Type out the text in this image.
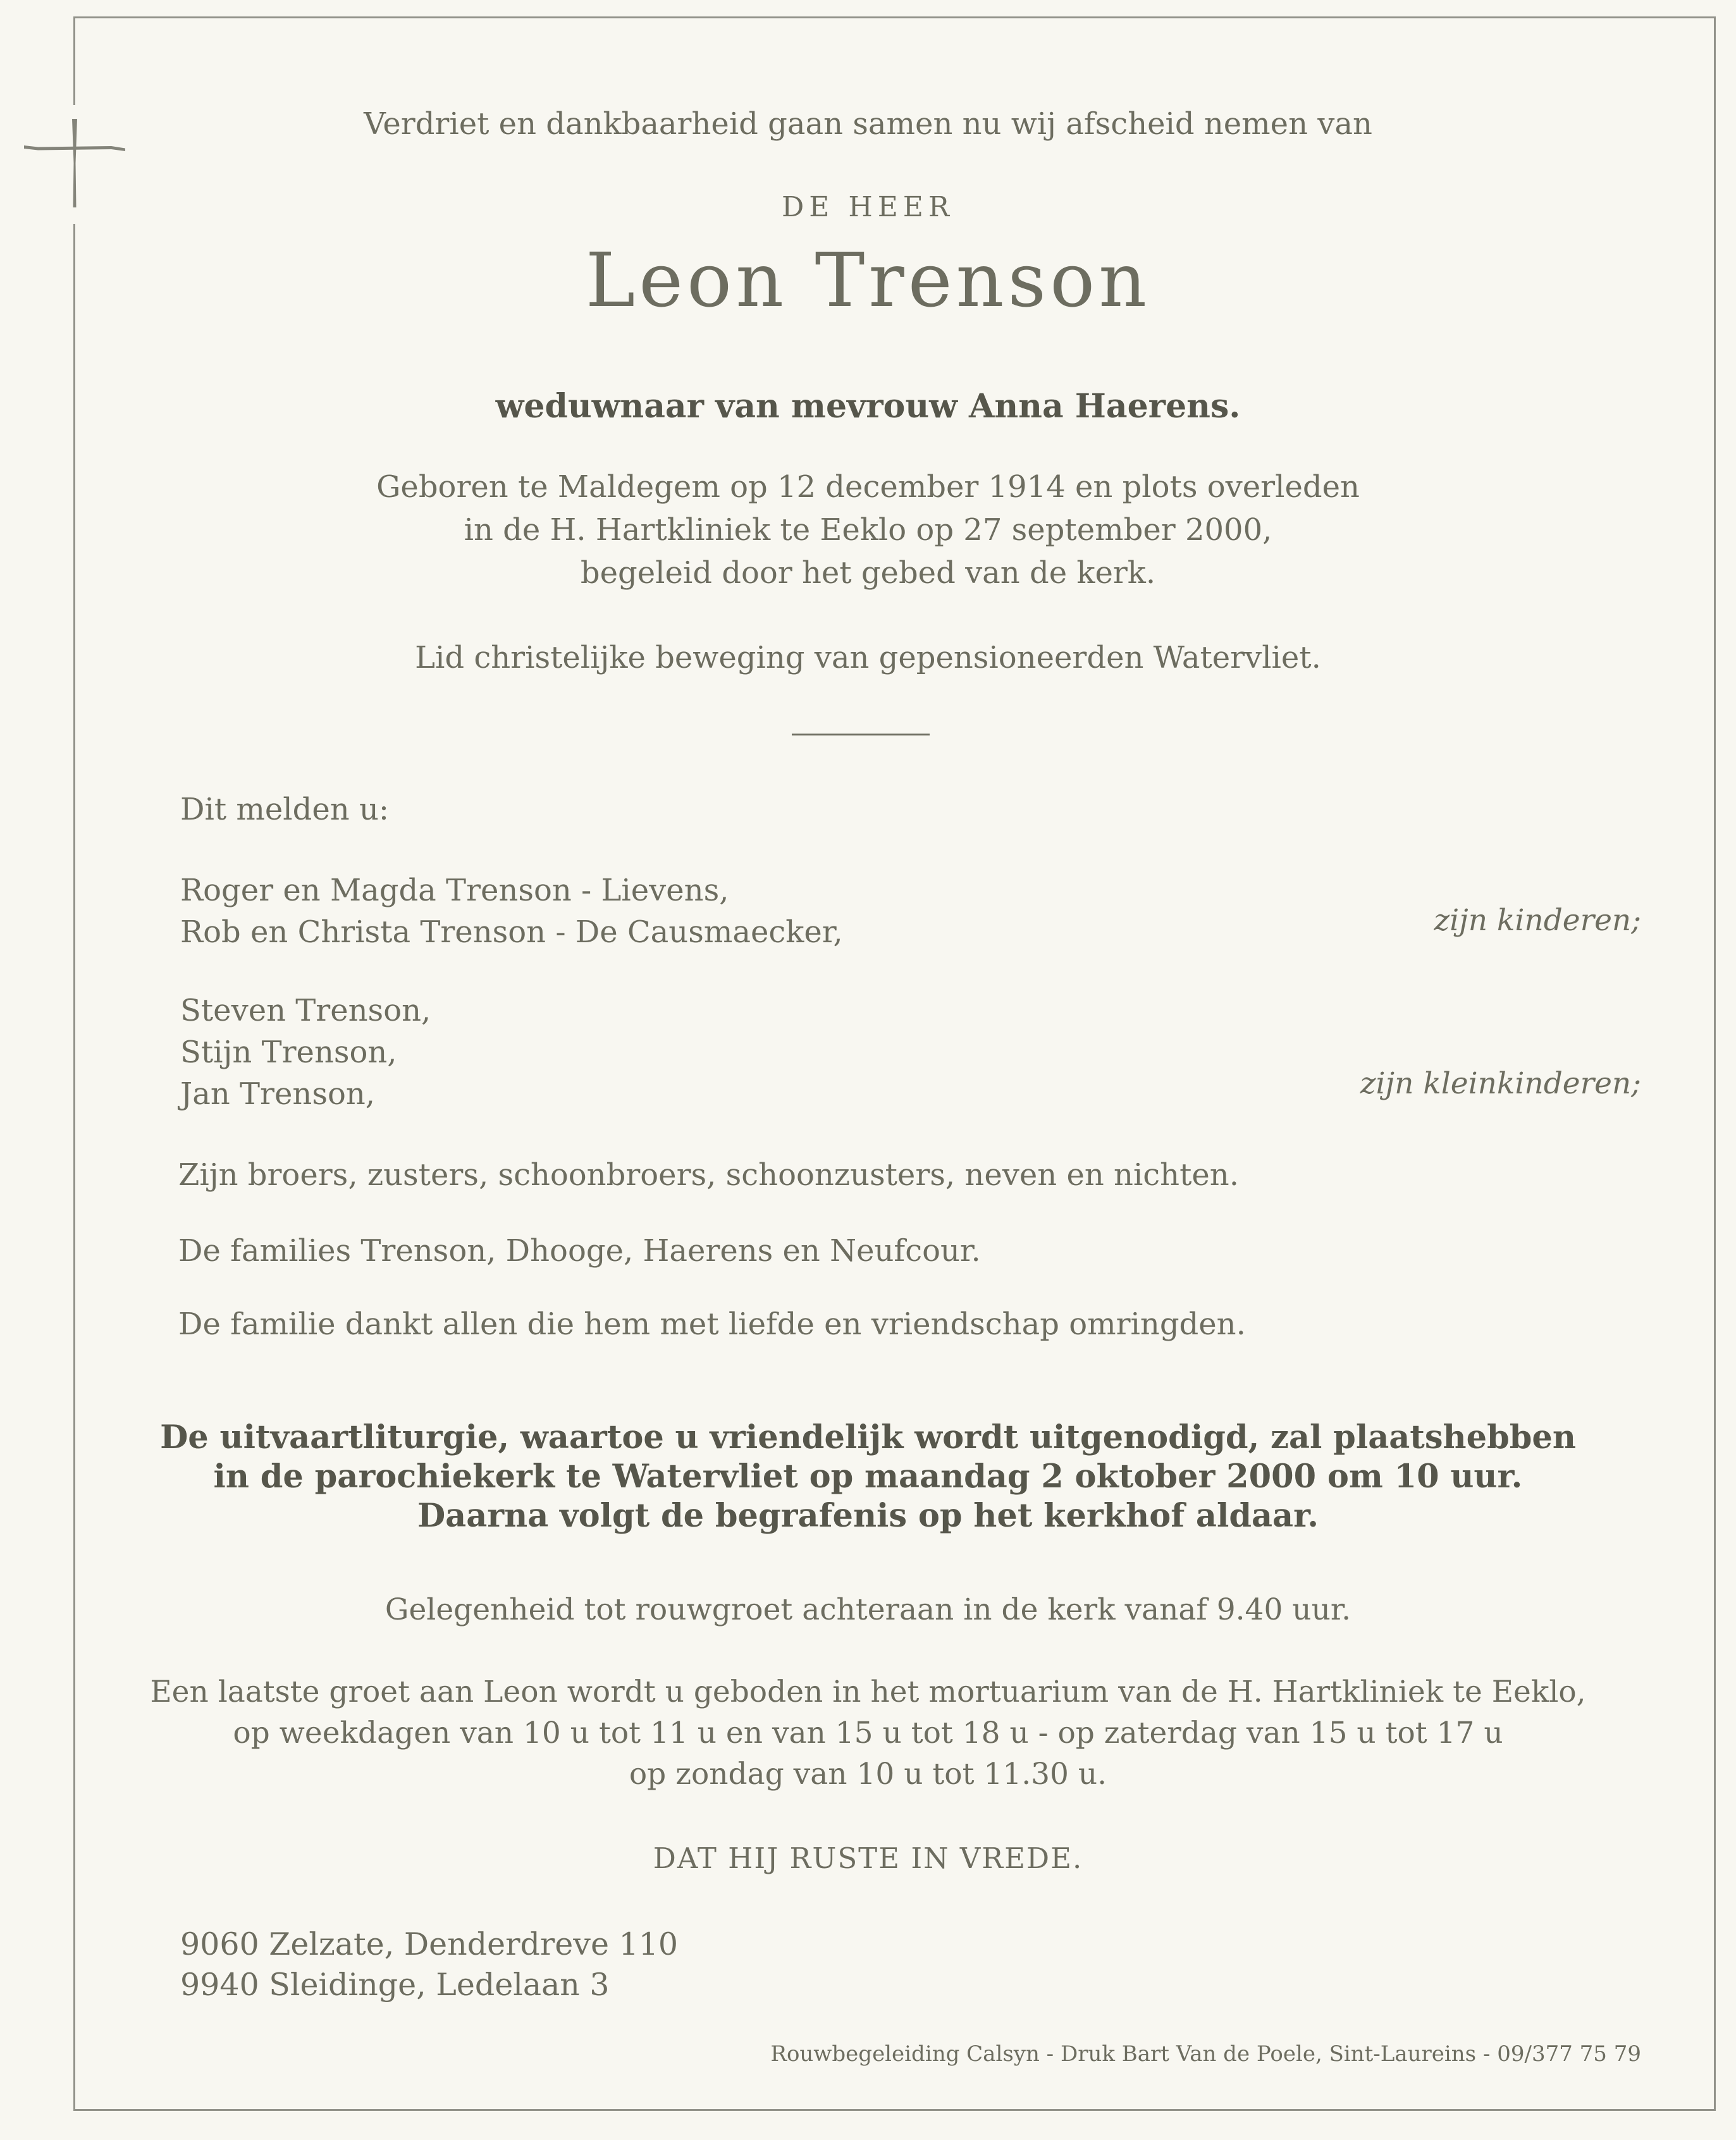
Verdriet en dankbaarheid gaan samen nu wij afscheid nemen van
DE HEER
Leon Trenson
weduwnaar van mevrouw Anna Haerens.
Geboren te Maldegem op 12 december 1914 en plots overleden
in de H. Hartkliniek te Eeklo op 27 september 2000,
begeleid door het gebed van de kerk.
Lid christelijke beweging van gepensioneerden Watervliet.
Dit melden u:
Roger en Magda Trenson - Lievens,
Rob en Christa Trenson - De Causmaecker,	zijn kinderen;
Steven Trenson,
Stijn Trenson,
Jan Trenson,	zijn kleinkinderen;
Zijn broers, zusters, schoonbroers, schoonzusters, neven en nichten.
De families Trenson, Dhooge, Haerens en Neufcour.
De familie dankt allen die hem met liefde en vriendschap omringden.
De uitvaartliturgie, waartoe u vriendelijk wordt uitgenodigd, zal plaatshebben
in de parochiekerk te Watervliet op maandag 2 oktober 2000 om 10 uur.
Daarna volgt de begrafenis op het kerkhof aldaar.
Gelegenheid tot rouwgroet achteraan in de kerk vanaf 9.40 uur.
Een laatste groet aan Leon wordt u geboden in het mortuarium van de H. Hartkliniek te Eeklo,
op weekdagen van 10 u tot 11 u en van 15 u tot 18 u - op zaterdag van 15 u tot 17 u
op zondag van 10 u tot 11.30 u.
DAT HIJ RUSTE IN VREDE.
9060 Zelzate, Denderdreve 110
9940 Sleidinge, Ledelaan 3
Rouwbegeleiding Calsyn - Druk Bart Van de Poele, Sint-Laureins - 09/377 75 79
